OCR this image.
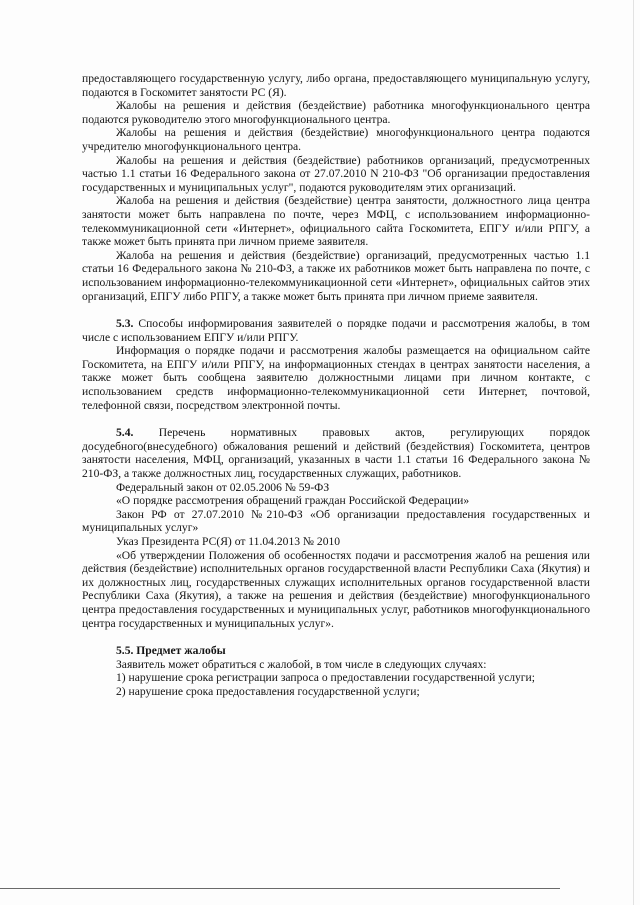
предоставляющего государственную услугу, либо органа, предоставляющего муниципальную услугу, подаются в Госкомитет занятости РС (Я).

Жалобы на решения и действия (бездействие) работника многофункционального центра подаются руководителю этого многофункционального центра.

Жалобы на решения и действия (бездействие) многофункционального центра подаются учредителю многофункционального центра.

Жалобы на решения и действия (бездействие) работников организаций, предусмотренных частью 1.1 статьи 16 Федерального закона от 27.07.2010 N 210-ФЗ "Об организации предоставления государственных и муниципальных услуг", подаются руководителям этих организаций.

Жалоба на решения и действия (бездействие) центра занятости, должностного лица центра занятости может быть направлена по почте, через МФЦ, с использованием информационно-телекоммуникационной сети «Интернет», официального сайта Госкомитета, ЕПГУ и/или РПГУ, а также может быть принята при личном приеме заявителя.

Жалоба на решения и действия (бездействие) организаций, предусмотренных частью 1.1 статьи 16 Федерального закона № 210-ФЗ, а также их работников может быть направлена по почте, с использованием информационно-телекоммуникационной сети «Интернет», официальных сайтов этих организаций, ЕПГУ либо РПГУ, а также может быть принята при личном приеме заявителя.

5.3. Способы информирования заявителей о порядке подачи и рассмотрения жалобы, в том числе с использованием ЕПГУ и/или РПГУ.

Информация о порядке подачи и рассмотрения жалобы размещается на официальном сайте Госкомитета, на ЕПГУ и/или РПГУ, на информационных стендах в центрах занятости населения, а также может быть сообщена заявителю должностными лицами при личном контакте, с использованием средств информационно-телекоммуникационной сети Интернет, почтовой, телефонной связи, посредством электронной почты.

5.4. Перечень нормативных правовых актов, регулирующих порядок досудебного(внесудебного) обжалования решений и действий (бездействия) Госкомитета, центров занятости населения, МФЦ, организаций, указанных в части 1.1 статьи 16 Федерального закона № 210-ФЗ, а также должностных лиц, государственных служащих, работников.

Федеральный закон от 02.05.2006 № 59-ФЗ

«О порядке рассмотрения обращений граждан Российской Федерации»

Закон РФ от 27.07.2010 №210-ФЗ «Об организации предоставления государственных и муниципальных услуг»

Указ Президента РС(Я) от 11.04.2013 № 2010

«Об утверждении Положения об особенностях подачи и рассмотрения жалоб на решения или действия (бездействие) исполнительных органов государственной власти Республики Саха (Якутия) и их должностных лиц, государственных служащих исполнительных органов государственной власти Республики Саха (Якутия), а также на решения и действия (бездействие) многофункционального центра предоставления государственных и муниципальных услуг, работников многофункционального центра государственных и муниципальных услуг».

5.5. Предмет жалобы

Заявитель может обратиться с жалобой, в том числе в следующих случаях:

1) нарушение срока регистрации запроса о предоставлении государственной услуги;

2) нарушение срока предоставления государственной услуги;
